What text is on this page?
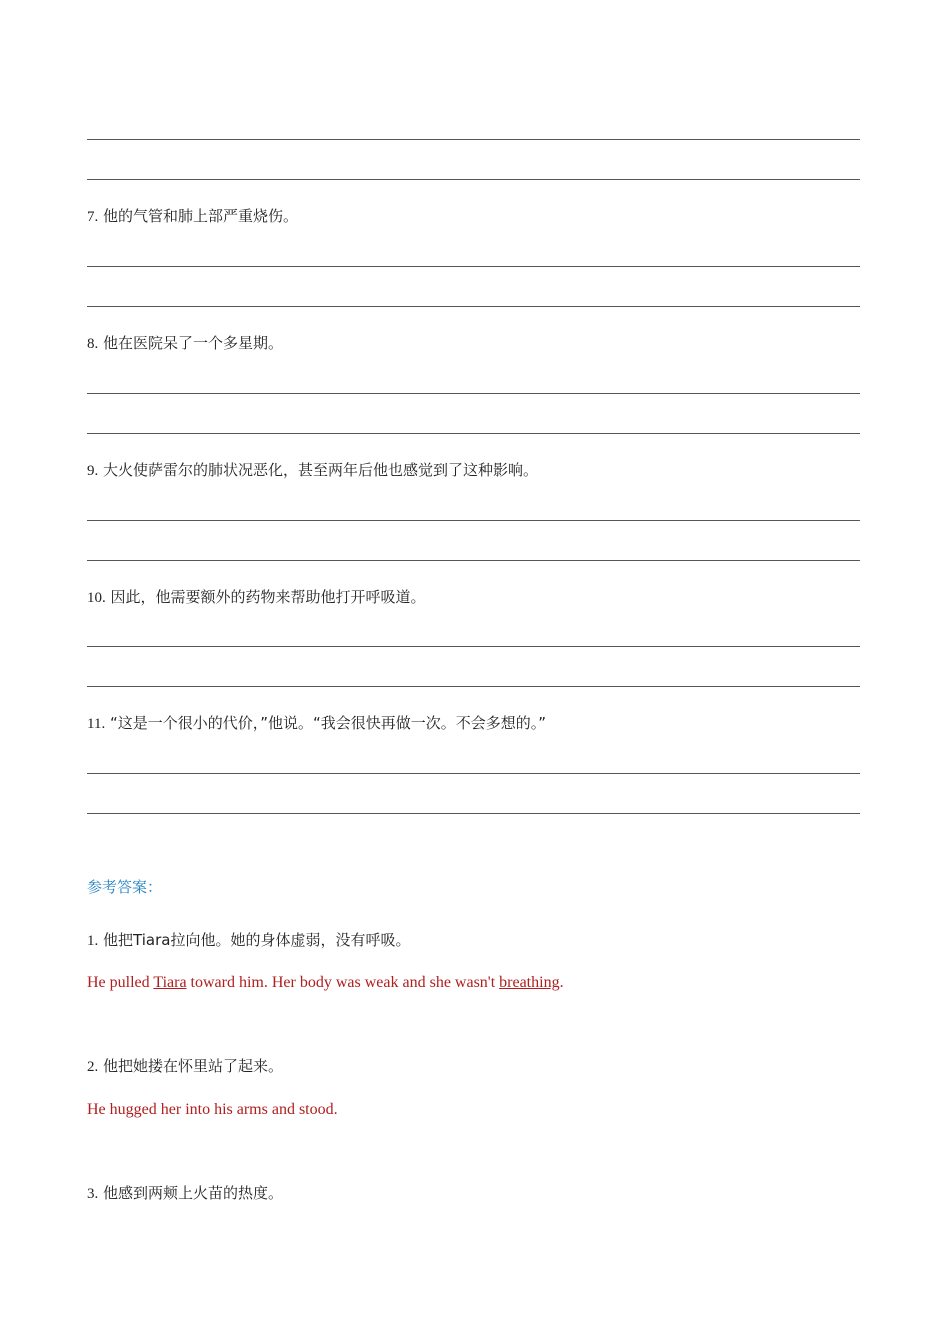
7. 他的气管和肺上部严重烧伤。
8. 他在医院呆了一个多星期。
9. 大火使萨雷尔的肺状况恶化，甚至两年后他也感觉到了这种影响。
10. 因此，他需要额外的药物来帮助他打开呼吸道。
11. “这是一个很小的代价，”他说。“我会很快再做一次。不会多想的。”
参考答案：
1. 他把Tiara拉向他。她的身体虚弱，没有呼吸。
He pulled Tiara toward him. Her body was weak and she wasn't breathing.
2. 他把她搂在怀里站了起来。
He hugged her into his arms and stood.
3. 他感到两颊上火苗的热度。
